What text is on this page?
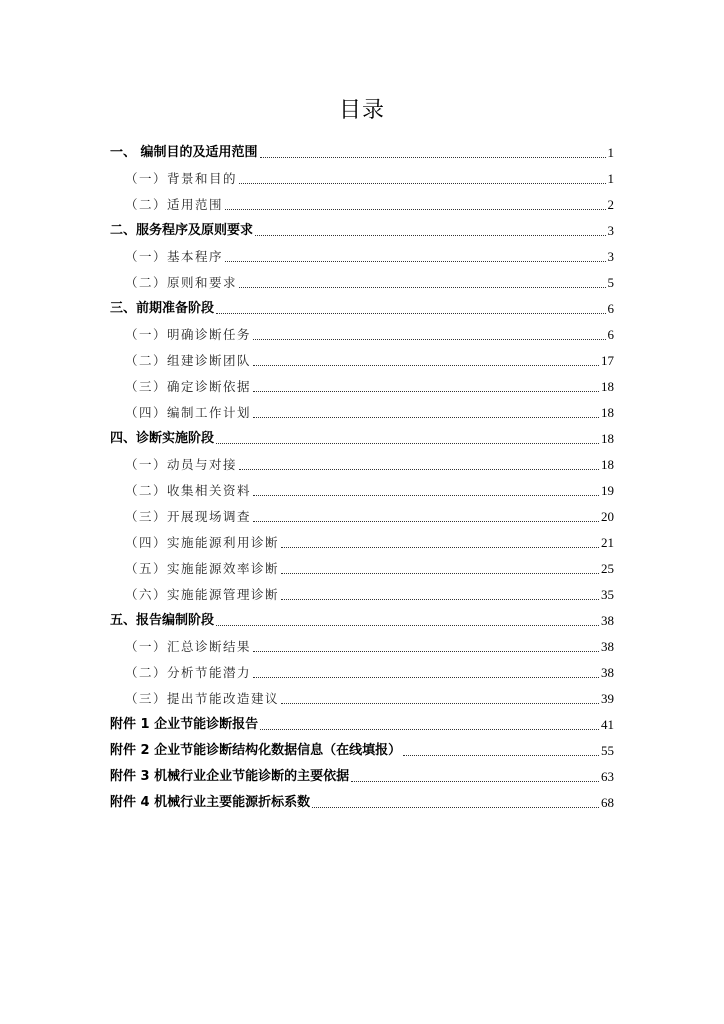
目录
一、 编制目的及适用范围	1
（一）背景和目的	1
（二）适用范围	2
二、服务程序及原则要求	3
（一）基本程序	3
（二）原则和要求	5
三、前期准备阶段	6
（一）明确诊断任务	6
（二）组建诊断团队	17
（三）确定诊断依据	18
（四）编制工作计划	18
四、诊断实施阶段	18
（一）动员与对接	18
（二）收集相关资料	19
（三）开展现场调查	20
（四）实施能源利用诊断	21
（五）实施能源效率诊断	25
（六）实施能源管理诊断	35
五、报告编制阶段	38
（一）汇总诊断结果	38
（二）分析节能潜力	38
（三）提出节能改造建议	39
附件 1 企业节能诊断报告	41
附件 2 企业节能诊断结构化数据信息（在线填报）	55
附件 3 机械行业企业节能诊断的主要依据	63
附件 4 机械行业主要能源折标系数	68
